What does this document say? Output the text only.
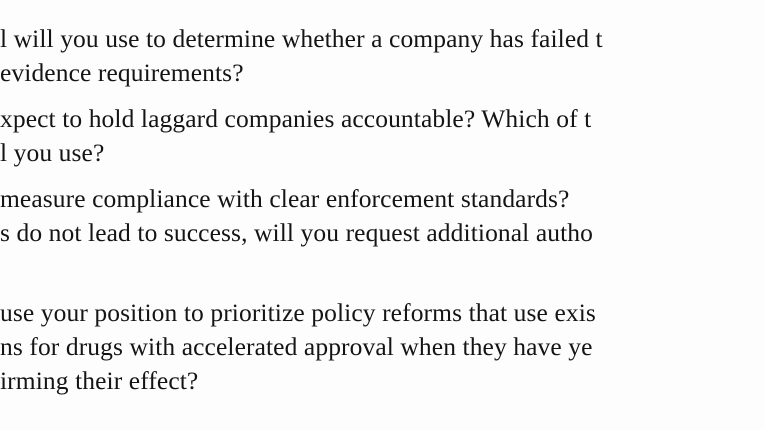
l will you use to determine whether a company has failed t
evidence requirements?
xpect to hold laggard companies accountable? Which of t
l you use?
measure compliance with clear enforcement standards?
s do not lead to success, will you request additional autho
use your position to prioritize policy reforms that use exis
ns for drugs with accelerated approval when they have ye
irming their effect?
